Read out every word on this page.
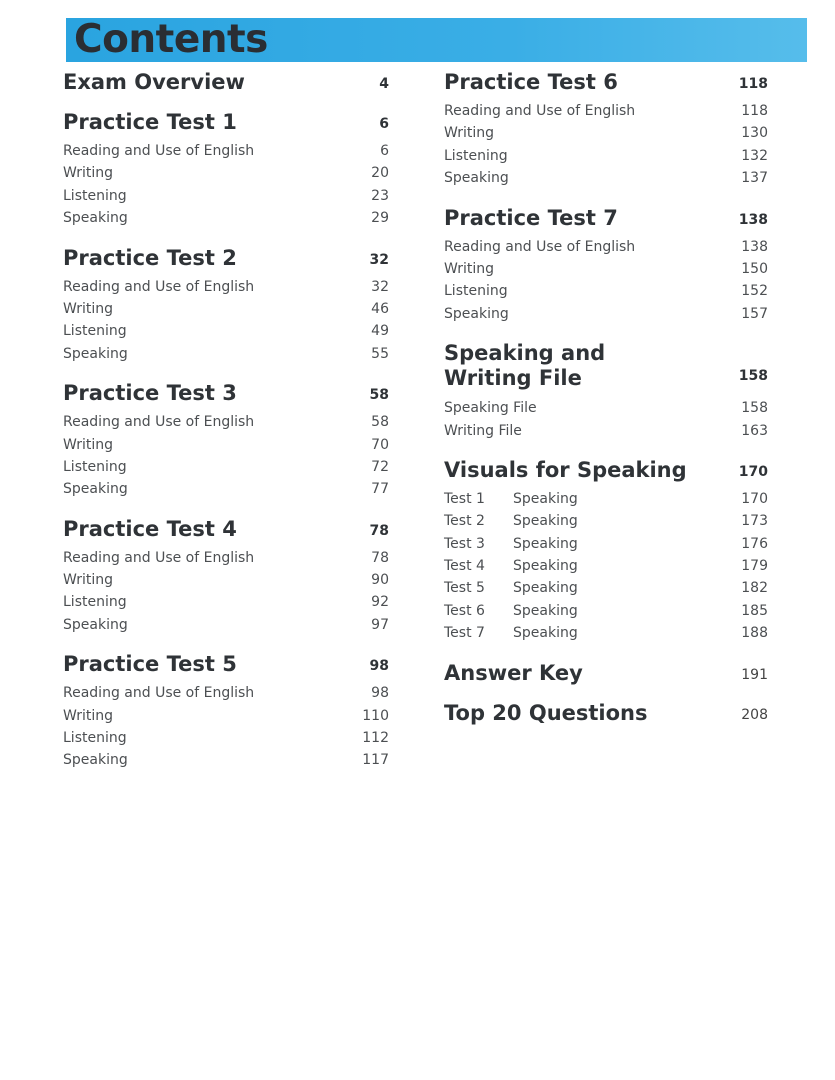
Contents
Exam Overview	4
Practice Test 1	6
Reading and Use of English	6
Writing	20
Listening	23
Speaking	29
Practice Test 2	32
Reading and Use of English	32
Writing	46
Listening	49
Speaking	55
Practice Test 3	58
Reading and Use of English	58
Writing	70
Listening	72
Speaking	77
Practice Test 4	78
Reading and Use of English	78
Writing	90
Listening	92
Speaking	97
Practice Test 5	98
Reading and Use of English	98
Writing	110
Listening	112
Speaking	117
Practice Test 6	118
Reading and Use of English	118
Writing	130
Listening	132
Speaking	137
Practice Test 7	138
Reading and Use of English	138
Writing	150
Listening	152
Speaking	157
Speaking and
Writing File	158
Speaking File	158
Writing File	163
Visuals for Speaking	170
Test 1	Speaking	170
Test 2	Speaking	173
Test 3	Speaking	176
Test 4	Speaking	179
Test 5	Speaking	182
Test 6	Speaking	185
Test 7	Speaking	188
Answer Key	191
Top 20 Questions	208
